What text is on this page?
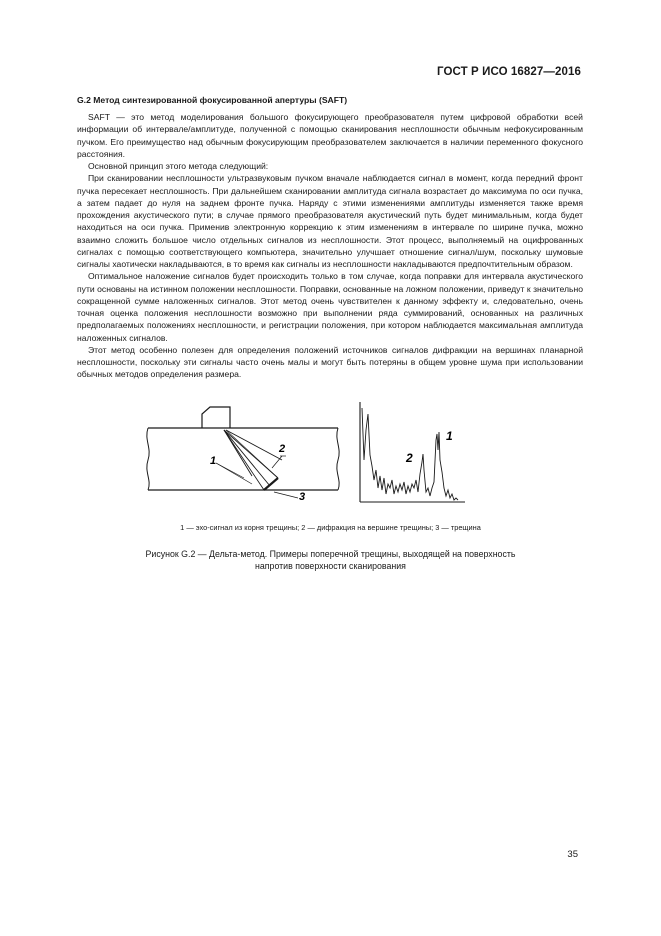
ГОСТ Р ИСО 16827—2016
G.2 Метод синтезированной фокусированной апертуры (SAFT)

SAFT — это метод моделирования большого фокусирующего преобразователя путем цифровой обработки всей информации об интервале/амплитуде, полученной с помощью сканирования несплошности обычным нефокусированным пучком. Его преимущество над обычным фокусирующим преобразователем заключается в наличии переменного фокусного расстояния.

Основной принцип этого метода следующий:

При сканировании несплошности ультразвуковым пучком вначале наблюдается сигнал в момент, когда передний фронт пучка пересекает несплошность. При дальнейшем сканировании амплитуда сигнала возрастает до максимума по оси пучка, а затем падает до нуля на заднем фронте пучка. Наряду с этими изменениями амплитуды изменяется также время прохождения акустического пути; в случае прямого преобразователя акустический путь будет минимальным, когда будет находиться на оси пучка. Применив электронную коррекцию к этим изменениям в интервале по ширине пучка, можно взаимно сложить большое число отдельных сигналов из несплошности. Этот процесс, выполняемый на оцифрованных сигналах с помощью соответствующего компьютера, значительно улучшает отношение сигнал/шум, поскольку шумовые сигналы хаотически накладываются, в то время как сигналы из несплошности накладываются предпочтительным образом.

Оптимальное наложение сигналов будет происходить только в том случае, когда поправки для интервала акустического пути основаны на истинном положении несплошности. Поправки, основанные на ложном положении, приведут к значительно сокращенной сумме наложенных сигналов. Этот метод очень чувствителен к данному эффекту и, следовательно, очень точная оценка положения несплошности возможно при выполнении ряда суммирований, основанных на различных предполагаемых положениях несплошности, и регистрации положения, при котором наблюдается максимальная амплитуда наложенных сигналов.

Этот метод особенно полезен для определения положений источников сигналов дифракции на вершинах планарной несплошности, поскольку эти сигналы часто очень малы и могут быть потеряны в общем уровне шума при использовании обычных методов определения размера.

1
2
3
2
1
1 — эхо-сигнал из корня трещины; 2 — дифракция на вершине трещины; 3 — трещина
Рисунок G.2 — Дельта-метод. Примеры поперечной трещины, выходящей на поверхность
напротив поверхности сканирования
35
